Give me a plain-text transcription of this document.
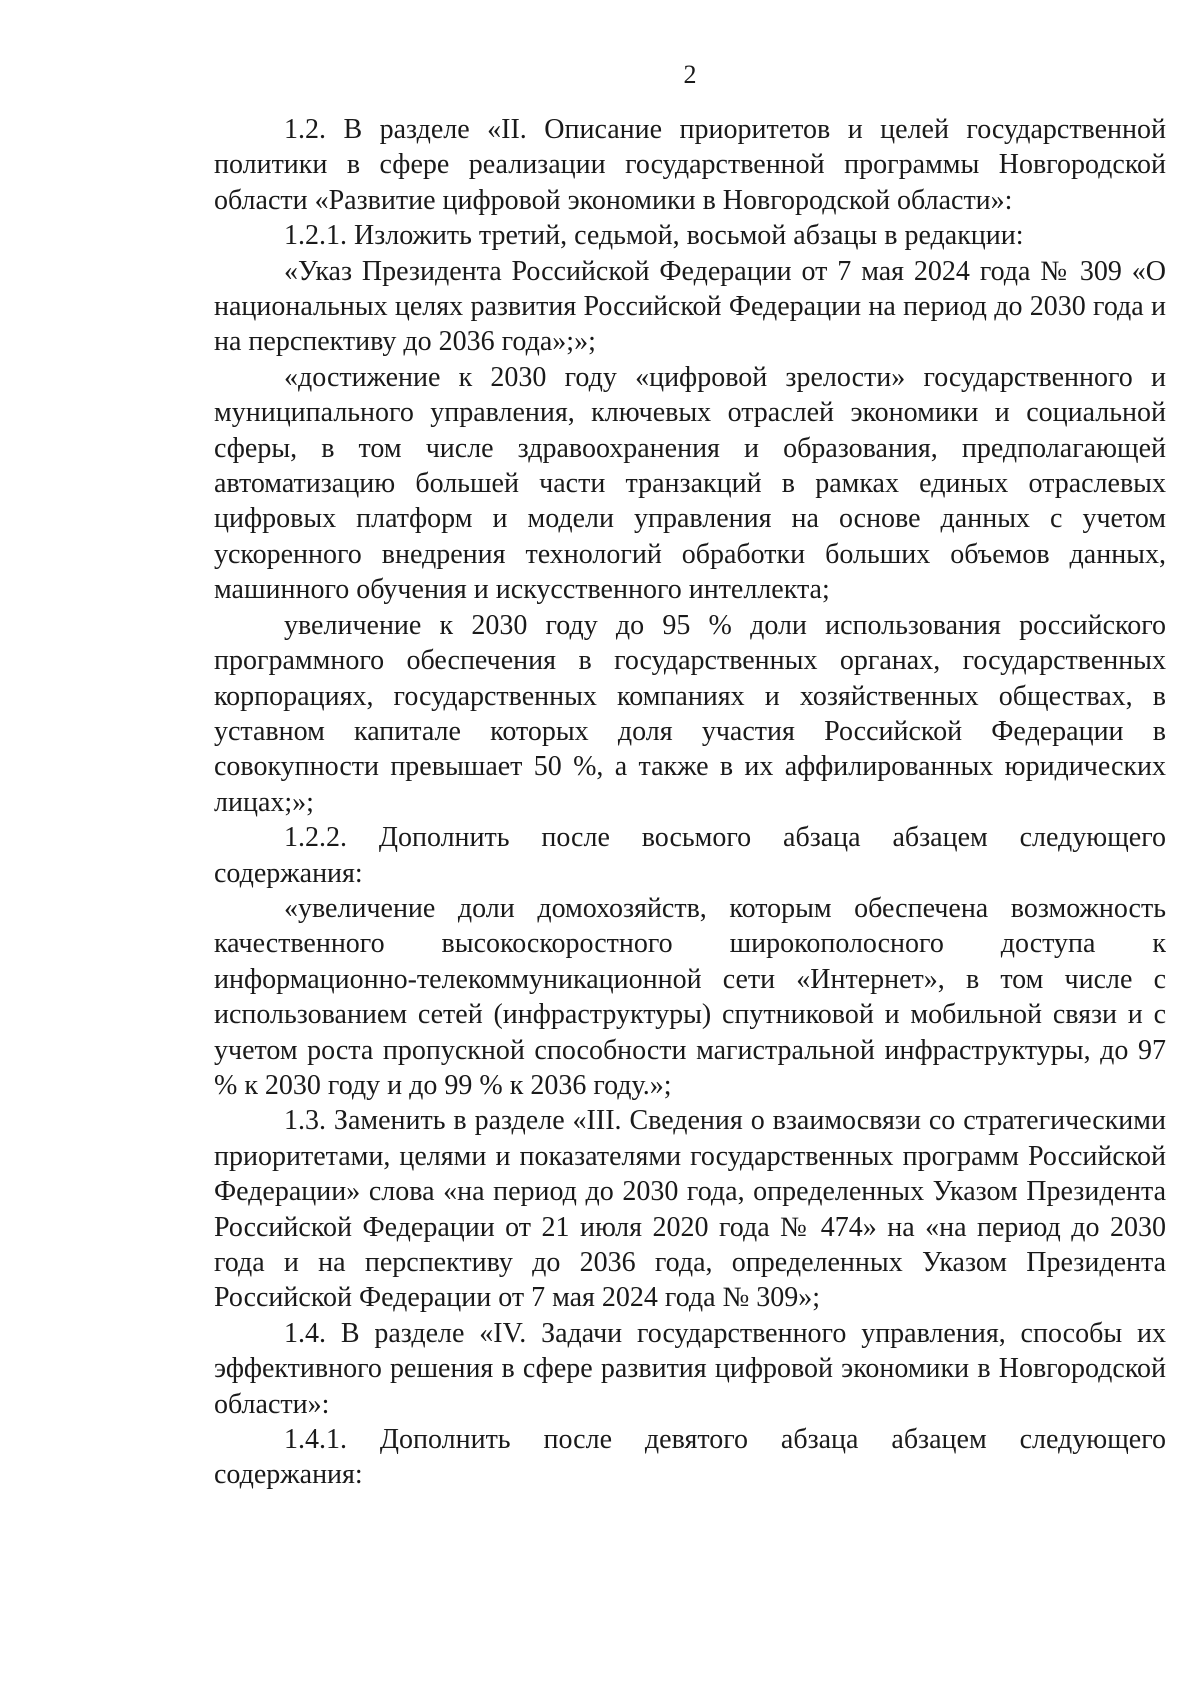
2

1.2. В разделе «II. Описание приоритетов и целей государственной политики в сфере реализации государственной программы Новгородской области «Развитие цифровой экономики в Новгородской области»:

1.2.1. Изложить третий, седьмой, восьмой абзацы в редакции:

«Указ Президента Российской Федерации от 7 мая 2024 года № 309 «О национальных целях развития Российской Федерации на период до 2030 года и на перспективу до 2036 года»;»;

«достижение к 2030 году «цифровой зрелости» государственного и муниципального управления, ключевых отраслей экономики и социальной сферы, в том числе здравоохранения и образования, предполагающей автоматизацию большей части транзакций в рамках единых отраслевых цифровых платформ и модели управления на основе данных с учетом ускоренного внедрения технологий обработки больших объемов данных, машинного обучения и искусственного интеллекта;

увеличение к 2030 году до 95 % доли использования российского программного обеспечения в государственных органах, государственных корпорациях, государственных компаниях и хозяйственных обществах, в уставном капитале которых доля участия Российской Федерации в совокупности превышает 50 %, а также в их аффилированных юридических лицах;»;

1.2.2. Дополнить после восьмого абзаца абзацем следующего содержания:

«увеличение доли домохозяйств, которым обеспечена возможность качественного высокоскоростного широкополосного доступа к информационно-телекоммуникационной сети «Интернет», в том числе с использованием сетей (инфраструктуры) спутниковой и мобильной связи и с учетом роста пропускной способности магистральной инфраструктуры, до 97 % к 2030 году и до 99 % к 2036 году.»;

1.3. Заменить в разделе «III. Сведения о взаимосвязи со стратегическими приоритетами, целями и показателями государственных программ Российской Федерации» слова «на период до 2030 года, определенных Указом Президента Российской Федерации от 21 июля 2020 года № 474» на «на период до 2030 года и на перспективу до 2036 года, определенных Указом Президента Российской Федерации от 7 мая 2024 года № 309»;

1.4. В разделе «IV. Задачи государственного управления, способы их эффективного решения в сфере развития цифровой экономики в Новгородской области»:

1.4.1. Дополнить после девятого абзаца абзацем следующего содержания:
